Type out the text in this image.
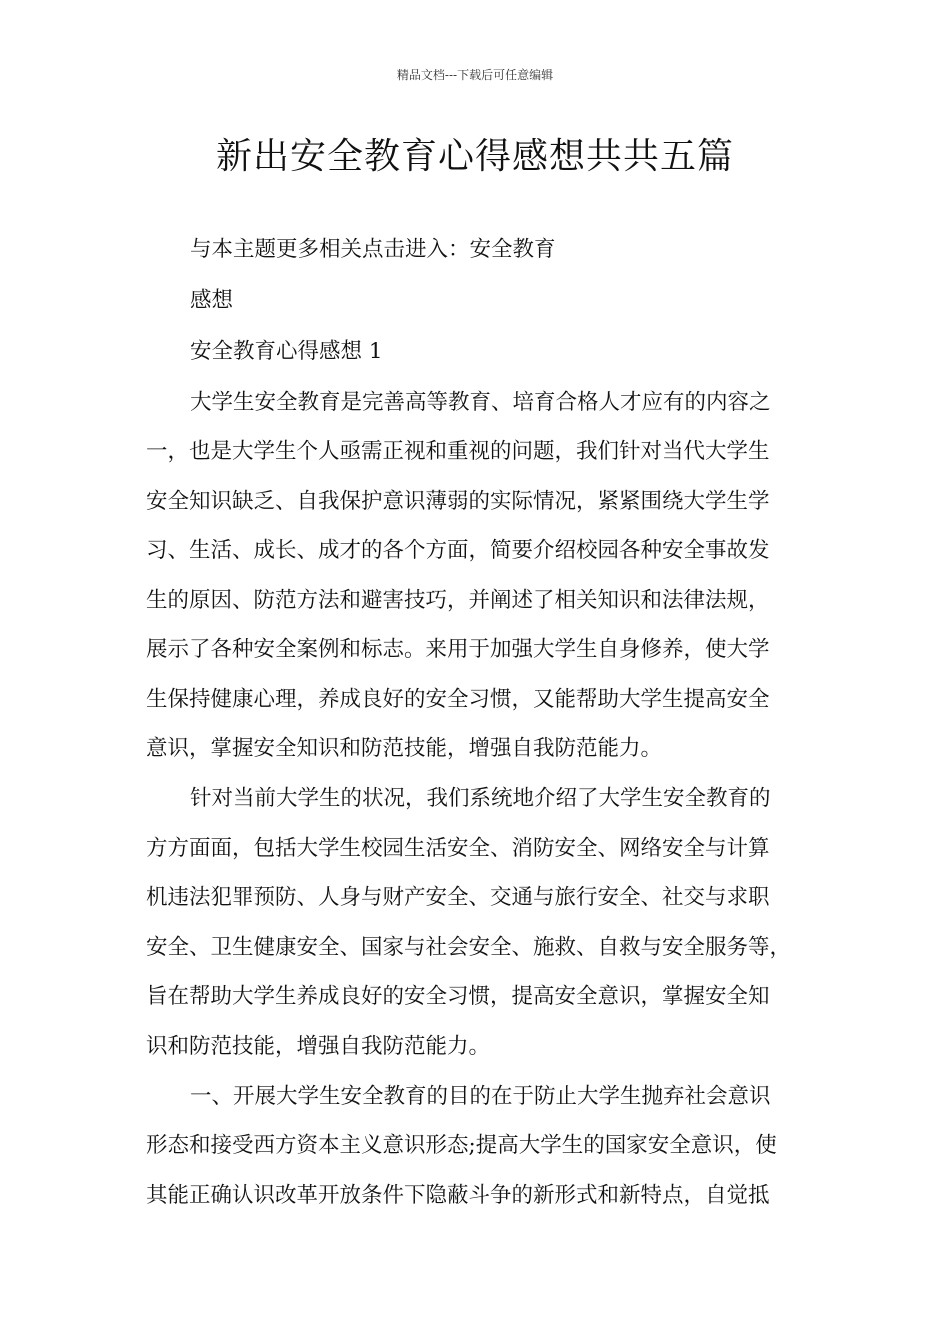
精品文档---下载后可任意编辑
新出安全教育心得感想共共五篇
与本主题更多相关点击进入：安全教育
感想
安全教育心得感想 1
大学生安全教育是完善高等教育、培育合格人才应有的内容之
一，也是大学生个人亟需正视和重视的问题，我们针对当代大学生
安全知识缺乏、自我保护意识薄弱的实际情况，紧紧围绕大学生学
习、生活、成长、成才的各个方面，简要介绍校园各种安全事故发
生的原因、防范方法和避害技巧，并阐述了相关知识和法律法规，
展示了各种安全案例和标志。来用于加强大学生自身修养，使大学
生保持健康心理，养成良好的安全习惯，又能帮助大学生提高安全
意识，掌握安全知识和防范技能，增强自我防范能力。
针对当前大学生的状况，我们系统地介绍了大学生安全教育的
方方面面，包括大学生校园生活安全、消防安全、网络安全与计算
机违法犯罪预防、人身与财产安全、交通与旅行安全、社交与求职
安全、卫生健康安全、国家与社会安全、施救、自救与安全服务等，
旨在帮助大学生养成良好的安全习惯，提高安全意识，掌握安全知
识和防范技能，增强自我防范能力。
一、开展大学生安全教育的目的在于防止大学生抛弃社会意识
形态和接受西方资本主义意识形态;提高大学生的国家安全意识，使
其能正确认识改革开放条件下隐蔽斗争的新形式和新特点，自觉抵
